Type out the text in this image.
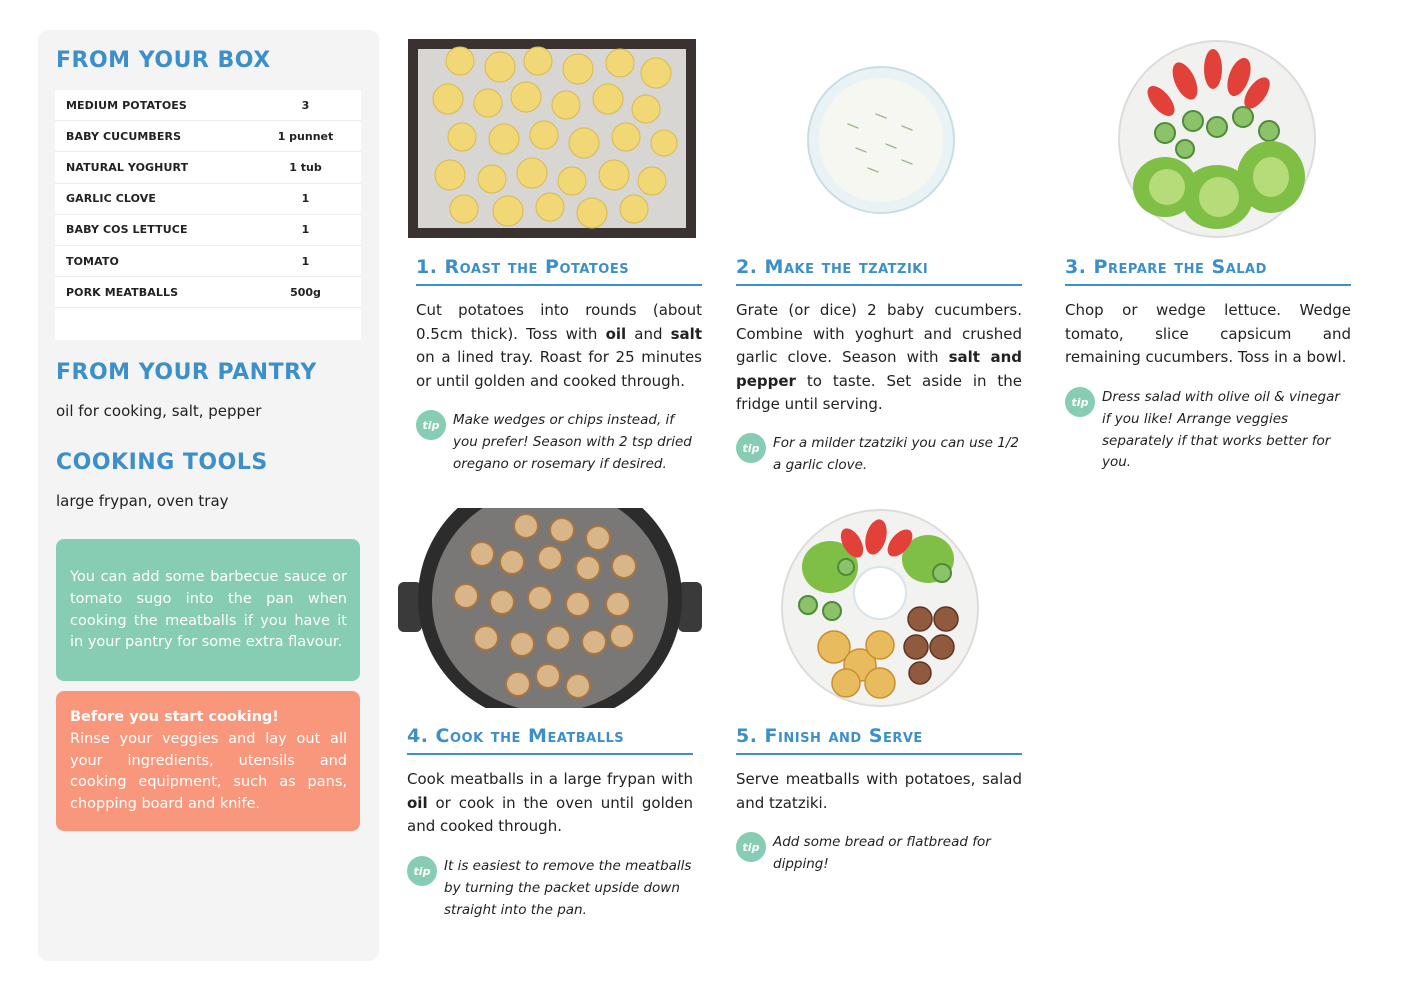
FROM YOUR BOX
MEDIUM POTATOES	3
BABY CUCUMBERS	1 punnet
NATURAL YOGHURT	1 tub
GARLIC CLOVE	1
BABY COS LETTUCE	1
TOMATO	1
PORK MEATBALLS	500g
FROM YOUR PANTRY
oil for cooking, salt, pepper
COOKING TOOLS
large frypan, oven tray
You can add some barbecue sauce or tomato sugo into the pan when cooking the meatballs if you have it in your pantry for some extra flavour.
Before you start cooking!
Rinse your veggies and lay out all your ingredients, utensils and cooking equipment, such as pans, chopping board and knife.
1. Roast the Potatoes
Cut potatoes into rounds (about 0.5cm thick). Toss with oil and salt on a lined tray. Roast for 25 minutes or until golden and cooked through.
tip	Make wedges or chips instead, if you prefer! Season with 2 tsp dried oregano or rosemary if desired.
2. Make the tzatziki
Grate (or dice) 2 baby cucumbers. Combine with yoghurt and crushed garlic clove. Season with salt and pepper to taste. Set aside in the fridge until serving.
tip	For a milder tzatziki you can use 1/2 a garlic clove.
3. Prepare the Salad
Chop or wedge lettuce. Wedge tomato, slice capsicum and remaining cucumbers. Toss in a bowl.
tip	Dress salad with olive oil & vinegar if you like! Arrange veggies separately if that works better for you.
4. Cook the Meatballs
Cook meatballs in a large frypan with oil or cook in the oven until golden and cooked through.
tip	It is easiest to remove the meatballs by turning the packet upside down straight into the pan.
5. Finish and Serve
Serve meatballs with potatoes, salad and tzatziki.
tip	Add some bread or flatbread for dipping!
